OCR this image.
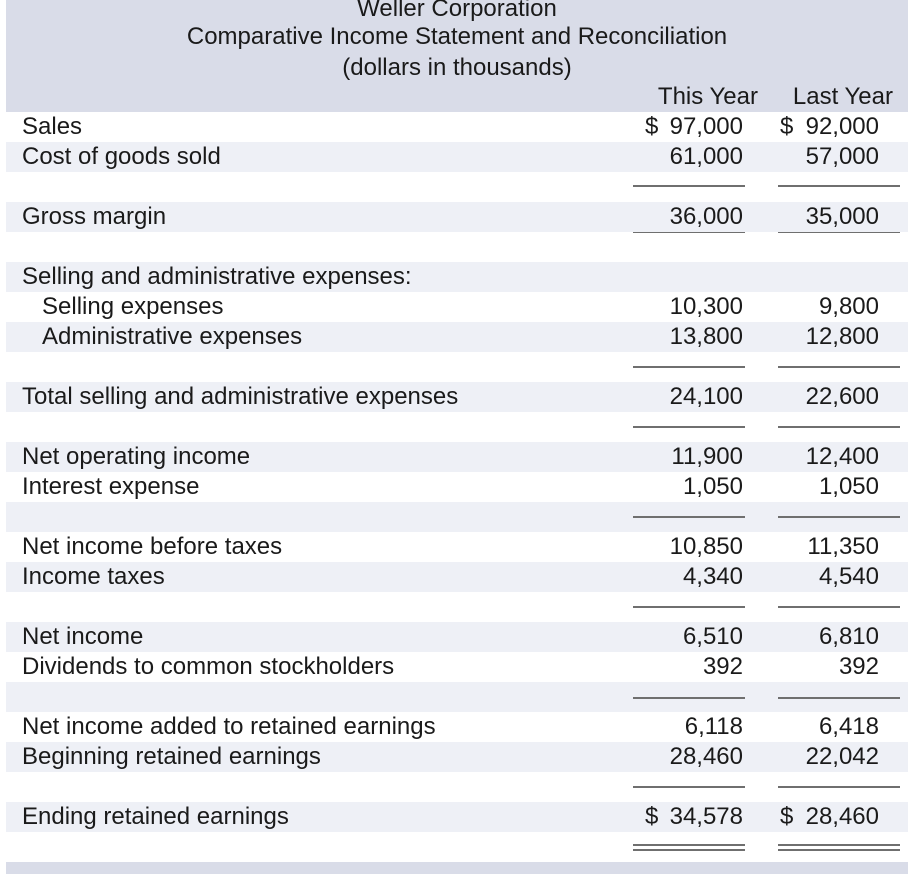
Weller Corporation
Comparative Income Statement and Reconciliation
(dollars in thousands)
This Year Last Year
Sales	$ 97,000 $ 92,000
Cost of goods sold	61,000	57,000
Gross margin	36,000	35,000
Selling and administrative expenses:
Selling expenses	10,300	9,800
Administrative expenses	13,800	12,800
Total selling and administrative expenses	24,100	22,600
Net operating income	11,900	12,400
Interest expense	1,050	1,050
Net income before taxes	10,850	11,350
Income taxes	4,340	4,540
Net income	6,510	6,810
Dividends to common stockholders	392	392
Net income added to retained earnings	6,118	6,418
Beginning retained earnings	28,460	22,042
Ending retained earnings	$ 34,578 $ 28,460
